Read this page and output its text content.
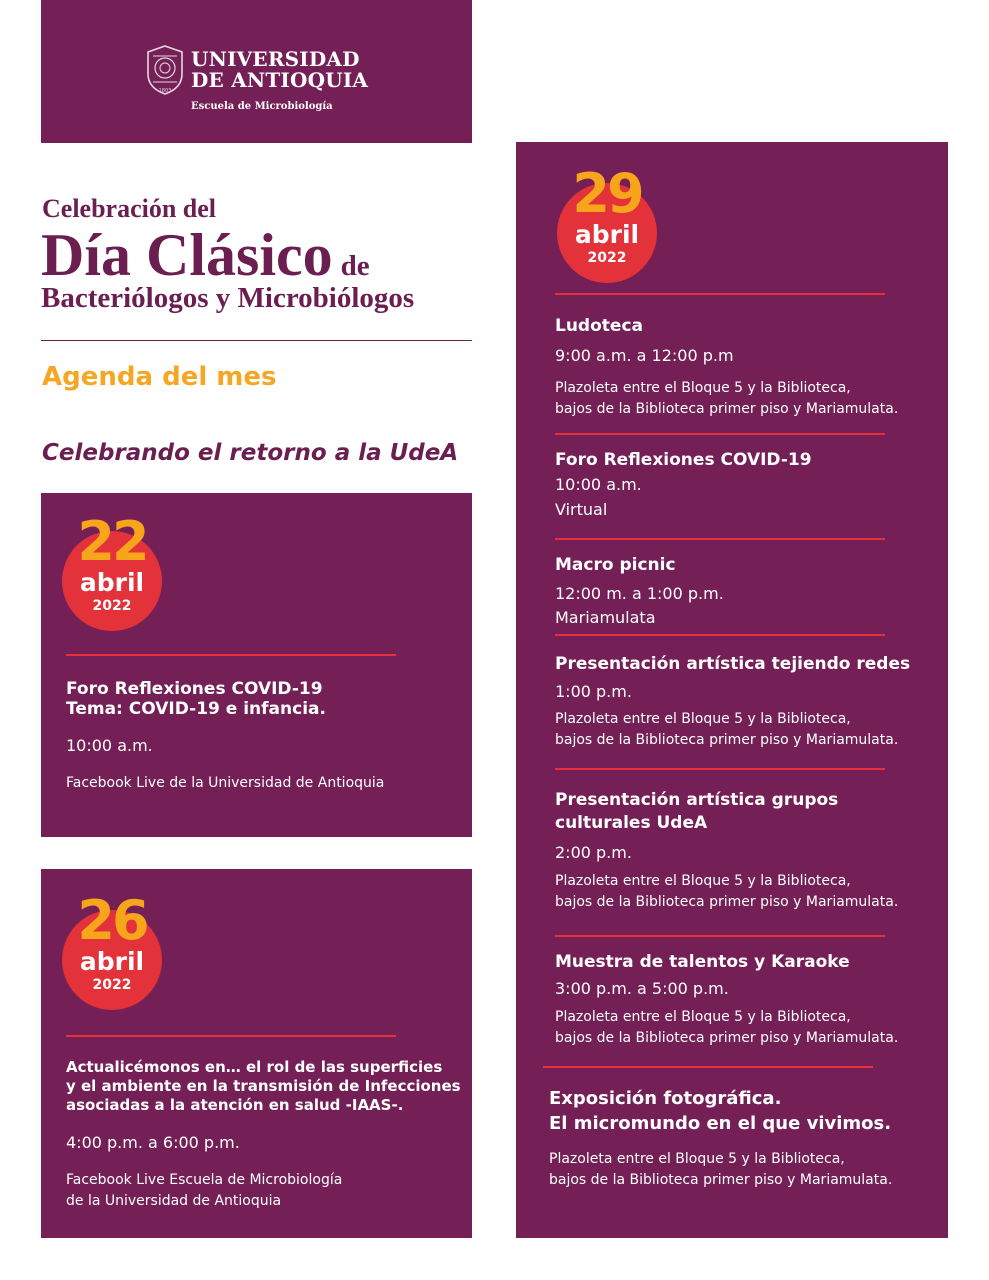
1803
UNIVERSIDAD
DE ANTIOQUIA
Escuela de Microbiología
Celebración del
Día Clásico de
Bacteriólogos y Microbiólogos
Agenda del mes
Celebrando el retorno a la UdeA
22
abril
2022
Foro Reflexiones COVID-19
Tema: COVID-19 e infancia.
10:00 a.m.
Facebook Live de la Universidad de Antioquia
26
abril
2022
Actualicémonos en… el rol de las superficies
y el ambiente en la transmisión de Infecciones
asociadas a la atención en salud -IAAS-.
4:00 p.m. a 6:00 p.m.
Facebook Live Escuela de Microbiología
de la Universidad de Antioquia
29
abril
2022
Ludoteca
9:00 a.m. a 12:00 p.m
Plazoleta entre el Bloque 5 y la Biblioteca,
bajos de la Biblioteca primer piso y Mariamulata.
Foro Reflexiones COVID-19
10:00 a.m.
Virtual
Macro picnic
12:00 m. a 1:00 p.m.
Mariamulata
Presentación artística tejiendo redes
1:00 p.m.
Plazoleta entre el Bloque 5 y la Biblioteca,
bajos de la Biblioteca primer piso y Mariamulata.
Presentación artística grupos
culturales UdeA
2:00 p.m.
Plazoleta entre el Bloque 5 y la Biblioteca,
bajos de la Biblioteca primer piso y Mariamulata.
Muestra de talentos y Karaoke
3:00 p.m. a 5:00 p.m.
Plazoleta entre el Bloque 5 y la Biblioteca,
bajos de la Biblioteca primer piso y Mariamulata.
Exposición fotográfica.
El micromundo en el que vivimos.
Plazoleta entre el Bloque 5 y la Biblioteca,
bajos de la Biblioteca primer piso y Mariamulata.
